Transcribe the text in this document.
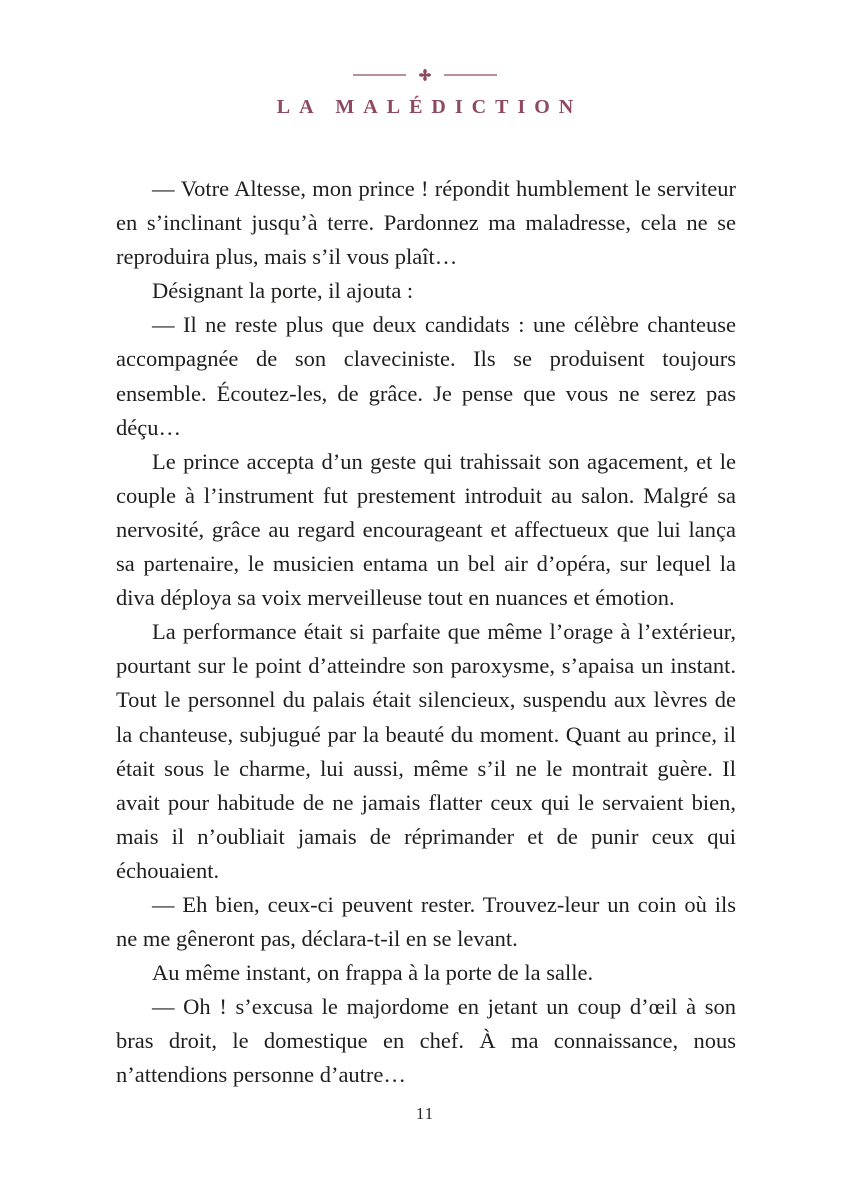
LA MALÉDICTION

— Votre Altesse, mon prince ! répondit humblement le serviteur en s’inclinant jusqu’à terre. Pardonnez ma maladresse, cela ne se reproduira plus, mais s’il vous plaît…

Désignant la porte, il ajouta :

— Il ne reste plus que deux candidats : une célèbre chanteuse accompagnée de son claveciniste. Ils se produisent toujours ensemble. Écoutez-les, de grâce. Je pense que vous ne serez pas déçu…

Le prince accepta d’un geste qui trahissait son agacement, et le couple à l’instrument fut prestement introduit au salon. Malgré sa nervosité, grâce au regard encourageant et affectueux que lui lança sa partenaire, le musicien entama un bel air d’opéra, sur lequel la diva déploya sa voix merveilleuse tout en nuances et émotion.

La performance était si parfaite que même l’orage à l’extérieur, pourtant sur le point d’atteindre son paroxysme, s’apaisa un instant. Tout le personnel du palais était silencieux, suspendu aux lèvres de la chanteuse, subjugué par la beauté du moment. Quant au prince, il était sous le charme, lui aussi, même s’il ne le montrait guère. Il avait pour habitude de ne jamais flatter ceux qui le servaient bien, mais il n’oubliait jamais de réprimander et de punir ceux qui échouaient.

— Eh bien, ceux-ci peuvent rester. Trouvez-leur un coin où ils ne me gêneront pas, déclara-t-il en se levant.

Au même instant, on frappa à la porte de la salle.

— Oh ! s’excusa le majordome en jetant un coup d’œil à son bras droit, le domestique en chef. À ma connaissance, nous n’attendions personne d’autre…

11
